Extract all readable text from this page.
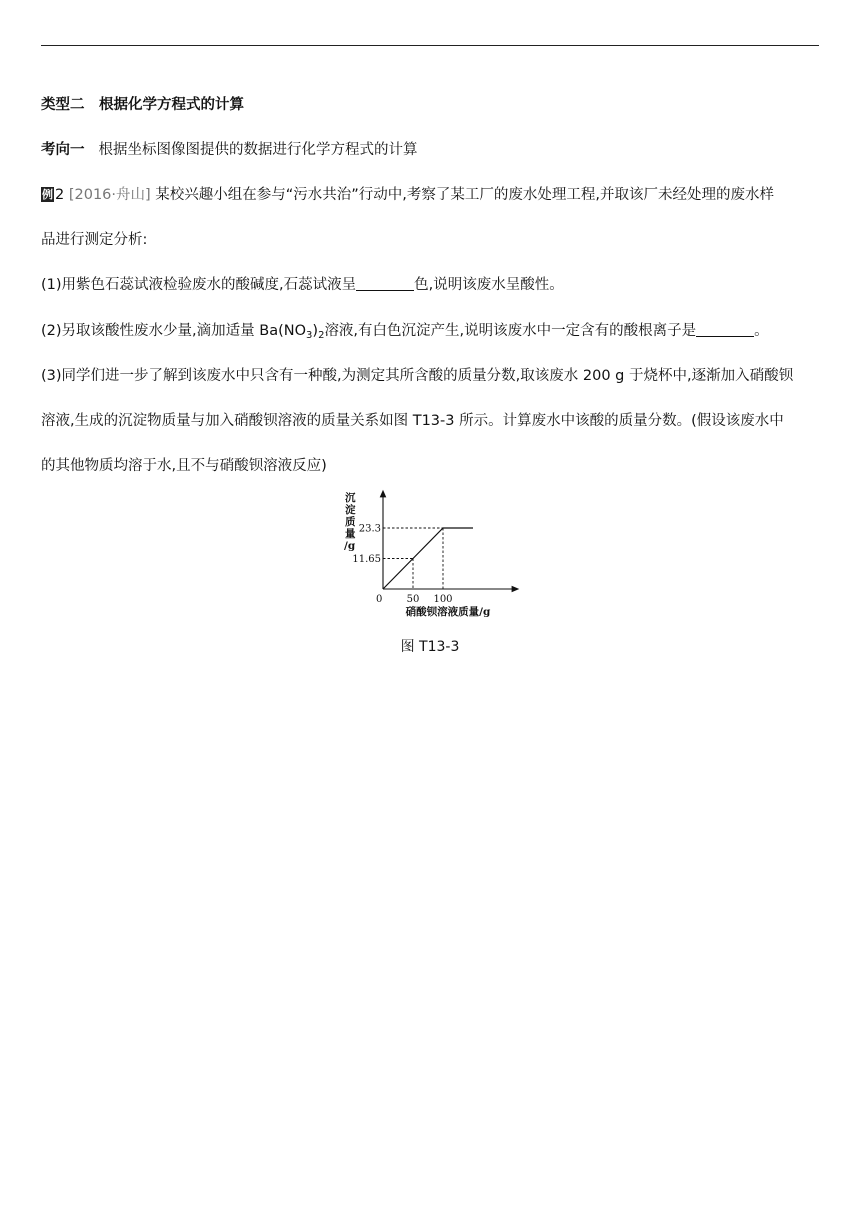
类型二　根据化学方程式的计算
考向一 根据坐标图像图提供的数据进行化学方程式的计算
例 2 [2016·舟山] 某校兴趣小组在参与“污水共治”行动中,考察了某工厂的废水处理工程,并取该厂未经处理的废水样
品进行测定分析:
(1)用紫色石蕊试液检验废水的酸碱度,石蕊试液呈	色,说明该废水呈酸性。
(2)另取该酸性废水少量,滴加适量 $Ba(NO_3)_2$溶液,有白色沉淀产生,说明该废水中一定含有的酸根离子是	。
(3)同学们进一步了解到该废水中只含有一种酸,为测定其所含酸的质量分数,取该废水 200 g 于烧杯中,逐渐加入硝酸钡
溶液,生成的沉淀物质量与加入硝酸钡溶液的质量关系如图 T13-3 所示。计算废水中该酸的质量分数。(假设该废水中
的其他物质均溶于水,且不与硝酸钡溶液反应)
沉
淀
质
量
/g
0 50 100
11.65
23.3
硝酸钡溶液质量/g
图 T13-3
